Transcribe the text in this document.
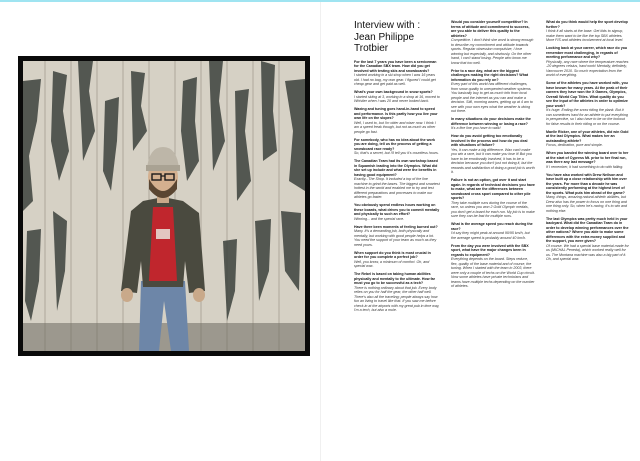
Interview with :
Jean Philippe Trotbier
For the last 7 years you have been a serviceman for the Canadian SBX team. How did you get involved with testing skis and snowboards?
I started working in a ski shop when I was 16 years old. I had no bag, my own gear. I figured I could get cheap gear and get paid as well.
What's your own background in snow sports?
I started skiing at 3, working in a shop at 16, moved to Whistler when I was 20 and never looked back.
Waxing and tuning goes hand-in-hand to speed and performance. Is this partly how you live your own life on the slopes?
Well, I used to, but I'm older and wiser now. I think I am a speed freak though, but not as much as other people go fast.
For somebody, who has no idea about the work you are doing, tell us the process of getting a snowboard race ready?
So, that's a secret, but I'll tell you it's countless hours.
The Canadian Team had its own workshop based in Squamish leading into the Olympics. What did she set up include and what were the benefits in having good equipment?
Exactly...The Shop. It included a top of the line machine to grind the bases. The biggest and smartest hottest in the world and enabled me to try and test different preparations and processes to make our athletes go faster.
You obviously spend endless hours working on these boards, what drives you to commit mentally and physically to such an effort?
Winning... and the special race.
Have there been moments of feeling burned out?
Many. It's a demanding job, both physically and mentally, but working with good people helps a lot. You need the support of your team as much as they need yours.
When support do you think is most crucial in order for you complete a perfect job?
Well, you know, a minimum of comfort. Oh, and special wax.
The Rebel is based on taking human abilities physically and mentally to the ultimate. How far must you go to be successful as a tech?
There is nothing ordinary about that job. Every body relies on you for half the gear, the other half well. There's also all the traveling; people always say how fun an living to travel like that. If you saw me before check-in at the airports with my great pub in time way, I'm a tech, but also a mule.
Would you consider yourself competitive? In terms of attitude and commitment to success, are you able to deliver this quality to the athletes?
Competitive. I don't think she word is strong enough to describe my commitment and attitude towards sports. Regular obsession compulsive, I love winning but especially, and obviously. On the other hand, I can't stand losing. People who know me know that too well.
Prior to a race day, what are the biggest challenges making the right decisions? What information do you rely on?
Every part of this world has different challenges, from snow quality to unexpected weather systems. You basically buy to get as much info from local people and the internet as you can and make a decision. Still, morning waxes, getting up at 4 am to see with your own eyes what the weather is doing out there.
In many situations do your decisions make the difference between winning or losing a race?
It's a fine line you have to walk!
How do you avoid getting too emotionally involved in the process and how do you deal with situations of failure?
Yes, it can make a big difference. Wax can't make you win a race, but it can make you lose it! But you have to be emotionally involved, it has to be a decision because you don't just not doing it, but the rewards and satisfaction of doing a good job is worth it.
Failure is not an option, got over it and start again. In regards of technical decisions you have to make, what are the differences between snowboard cross sport compared to other pile sports?
They take multiple runs during the course of the race, so unless you won 2 Gold Olympic medals, you don't get a board for each run. My job is to make sure they can be fast for multiple runs.
What is the average speed you reach during the race?
I'd say they might peak at around 90/95 km/h, but the average speed is probably around 40 km/h.
From the day you were involved with the SBX sport, what have the major changes been in regards to equipment?
Everything depends on the board. Steps reduce, flex, quality of the base material and of course, the tuning. When I started with the team in 2003, there were only a couple of techs on the World Cup circuit. Now some athletes have private technicians and teams have multiple techs depending on the number of athletes.
What do you think would help the sport develop further?
I think it all starts at the base. Get kids to signup, make them want to be like the top SBX athletes. More FIS and athletes involvement at local level.
Looking back at your career, which race do you remember most challenging, in regards of meeting performance and why?
Physically, any race where the temperature reaches -20 degrees celsius, hard work! Mentally, definitely, Vancouver 2010. So much expectation from the world of everything.
Some of the athletes you have worked with, you have known for many years. At the peak of their careers they have won the X Games, Olympics, Overall World Cup Titles. What quality do you see the input of the athletes in order to optimize your work?
It's huge. Ending the snow riding the plank. But it can sometimes hard for an athlete to put everything in perspective, so I also have to be on the lookout for false results in their riding or on the course.
Maelle Ricker, one of your athletes, did win Gold at the last Olympics. What makes her an outstanding athlete?
Focus, dedication, pure and simple.
When you banded the winning board over to her at the start of Cypress Mt. prior to her final run, was there any last message?
If I remember, it had something to do with falling.
You have also worked with Drew Neilson and have built up a close relationship with him over the years. For more than a decade he was consistently performing at the highest level of the sports. What puts him ahead of the game?
Many, things, amazing natural athletic abilities, but Drew also has the power to focus on one thing and one thing only. So, when he's racing, it's to win and nothing else.
The last Olympics was pretty much held in your backyard. What did the Canadian Team do in order to develop winning performances over the other nations? Where you able to make some differences with the extra money supplied and the support, you were given?
Of course. We had a special base material made for us (MICHAL Peneda), which worked really well for us. The Montana machine was also a big part of it. Oh, and special wax.
